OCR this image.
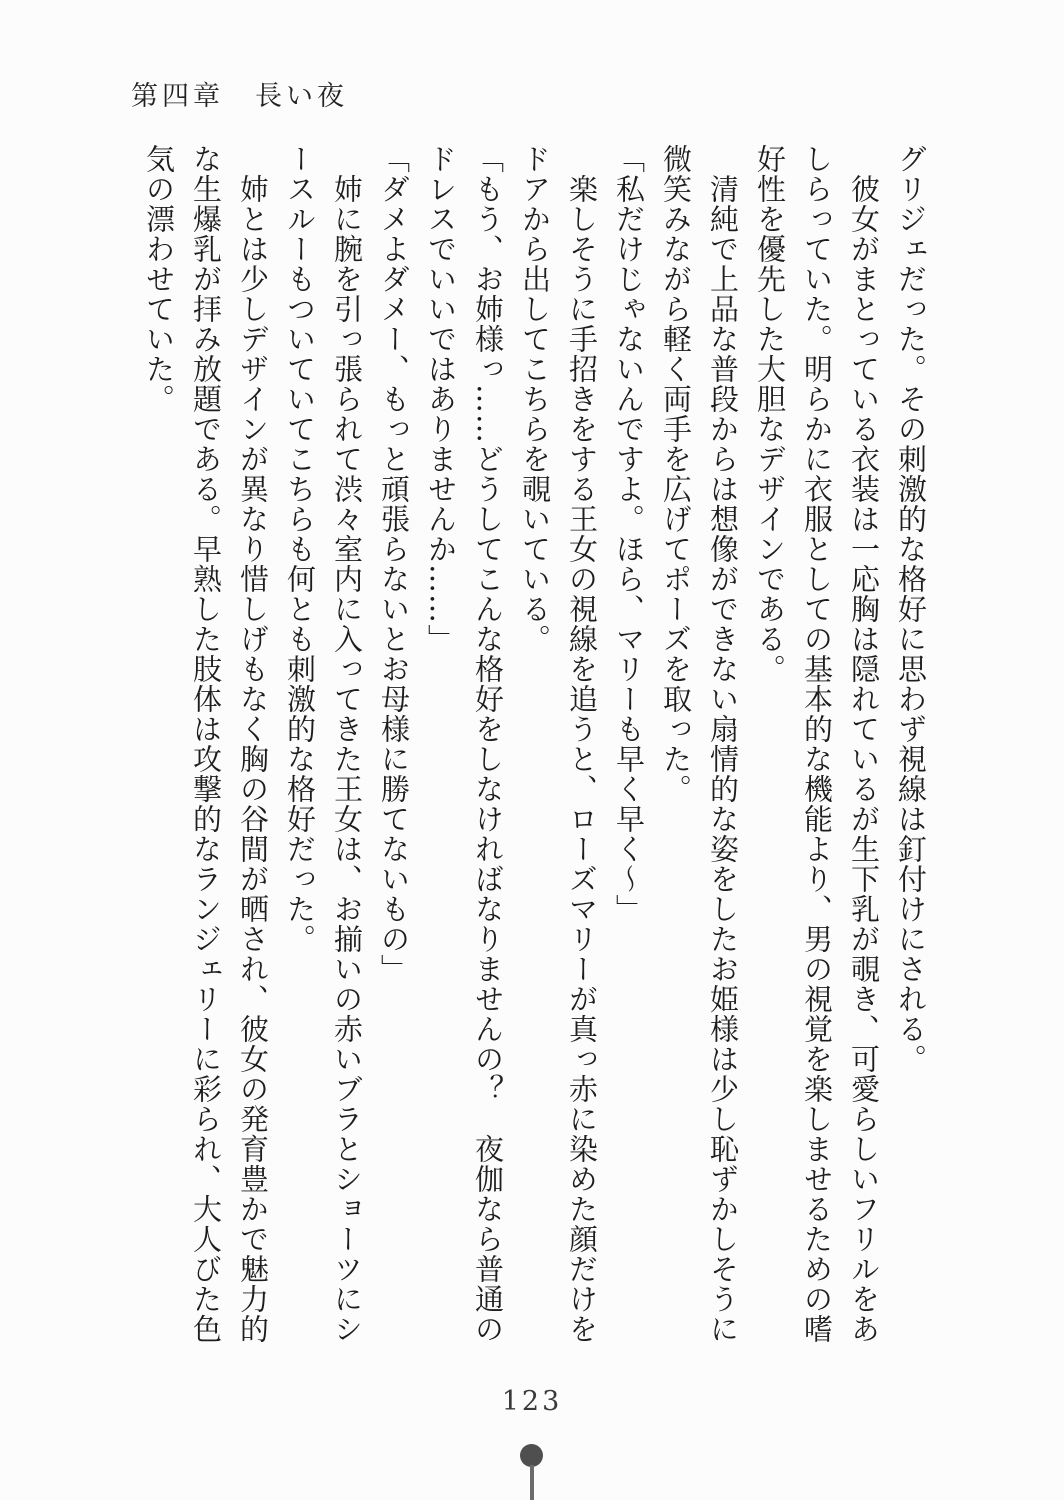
第四章　長い夜

グリジェだった。その刺激的な格好に思わず視線は釘付けにされる。

　彼女がまとっている衣装は一応胸は隠れているが生下乳が覗き、可愛らしいフリルをあ

しらっていた。明らかに衣服としての基本的な機能より、男の視覚を楽しませるための嗜

好性を優先した大胆なデザインである。

　清純で上品な普段からは想像ができない扇情的な姿をしたお姫様は少し恥ずかしそうに

微笑みながら軽く両手を広げてポーズを取った。

「私だけじゃないんですよ。ほら、マリーも早く早く～」

　楽しそうに手招きをする王女の視線を追うと、ローズマリーが真っ赤に染めた顔だけを

ドアから出してこちらを覗いている。

「もう、お姉様っ……どうしてこんな格好をしなければなりませんの？　夜伽なら普通の

ドレスでいいではありませんか……」

「ダメよダメー、もっと頑張らないとお母様に勝てないもの」

　姉に腕を引っ張られて渋々室内に入ってきた王女は、お揃いの赤いブラとショーツにシ

ースルーもついていてこちらも何とも刺激的な格好だった。

　姉とは少しデザインが異なり惜しげもなく胸の谷間が晒され、彼女の発育豊かで魅力的

な生爆乳が拝み放題である。早熟した肢体は攻撃的なランジェリーに彩られ、大人びた色

気の漂わせていた。

123
